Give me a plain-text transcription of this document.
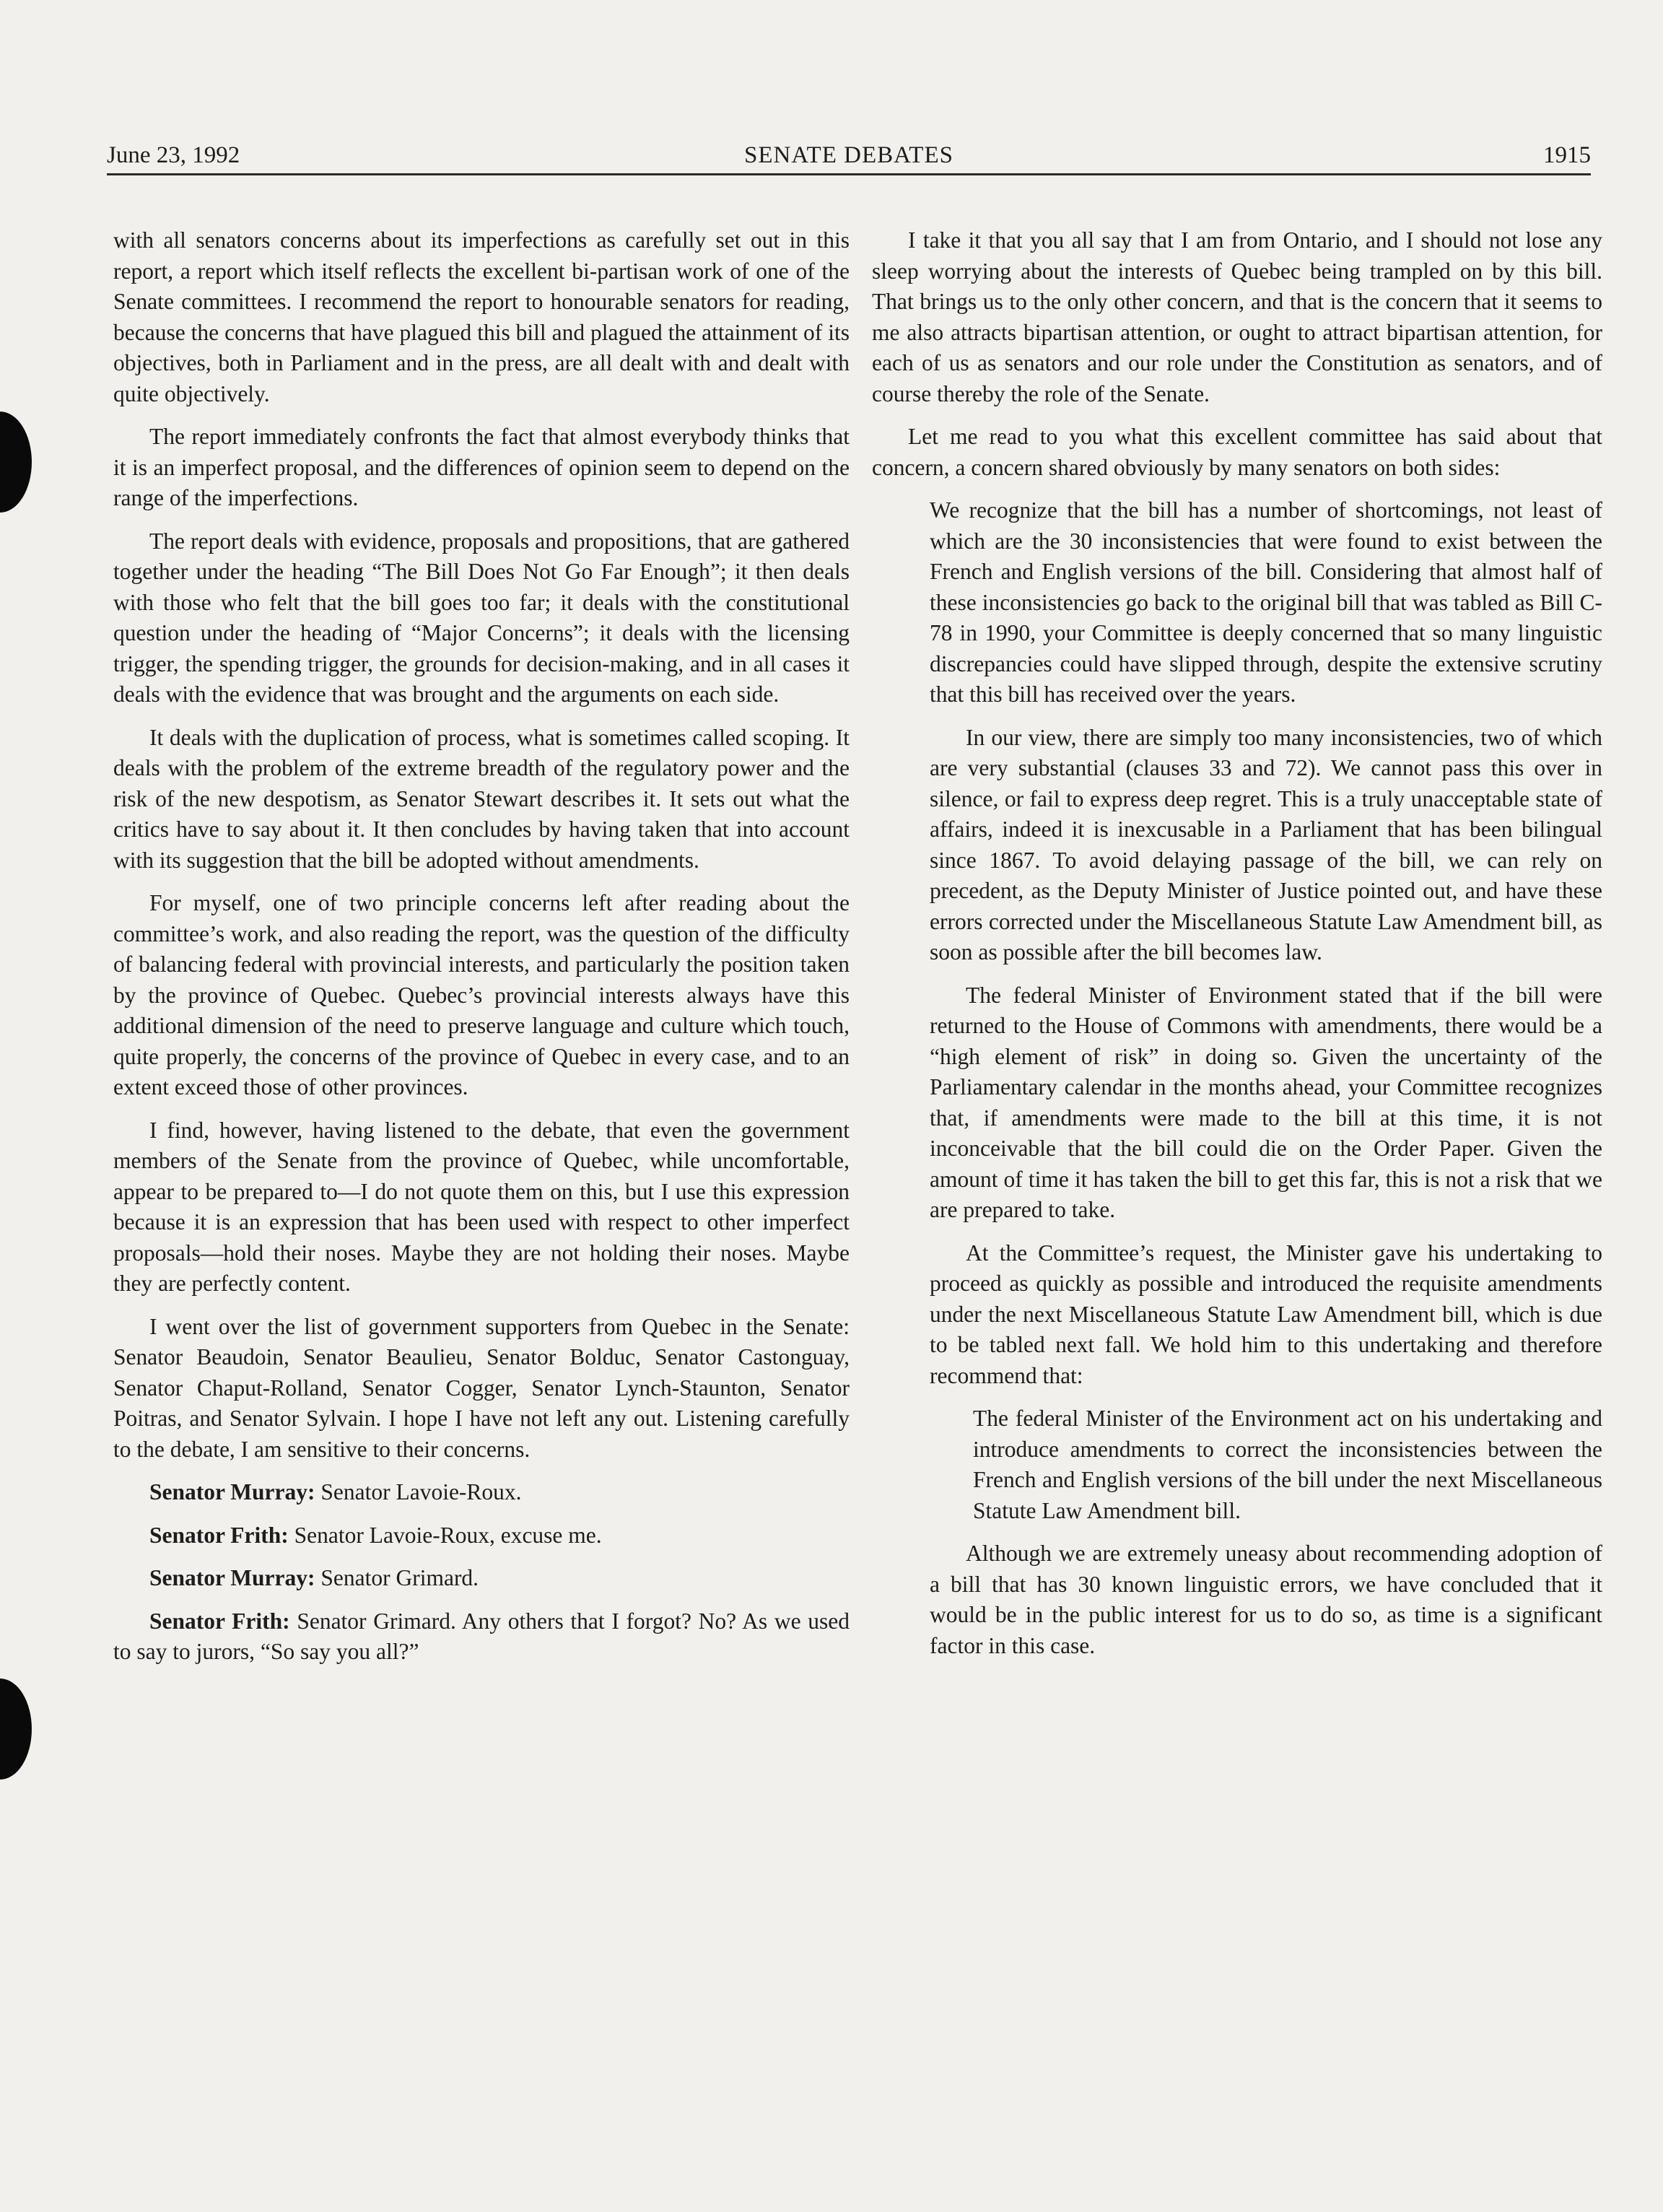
June 23, 1992	SENATE DEBATES	1915

with all senators concerns about its imperfections as carefully set out in this report, a report which itself reflects the excellent bi-partisan work of one of the Senate committees. I recommend the report to honourable senators for reading, because the concerns that have plagued this bill and plagued the attainment of its objectives, both in Parliament and in the press, are all dealt with and dealt with quite objectively.

The report immediately confronts the fact that almost everybody thinks that it is an imperfect proposal, and the differences of opinion seem to depend on the range of the imperfections.

The report deals with evidence, proposals and propositions, that are gathered together under the heading “The Bill Does Not Go Far Enough”; it then deals with those who felt that the bill goes too far; it deals with the constitutional question under the heading of “Major Concerns”; it deals with the licensing trigger, the spending trigger, the grounds for decision-making, and in all cases it deals with the evidence that was brought and the arguments on each side.

It deals with the duplication of process, what is sometimes called scoping. It deals with the problem of the extreme breadth of the regulatory power and the risk of the new despotism, as Senator Stewart describes it. It sets out what the critics have to say about it. It then concludes by having taken that into account with its suggestion that the bill be adopted without amendments.

For myself, one of two principle concerns left after reading about the committee’s work, and also reading the report, was the question of the difficulty of balancing federal with provincial interests, and particularly the position taken by the province of Quebec. Quebec’s provincial interests always have this additional dimension of the need to preserve language and culture which touch, quite properly, the concerns of the province of Quebec in every case, and to an extent exceed those of other provinces.

I find, however, having listened to the debate, that even the government members of the Senate from the province of Quebec, while uncomfortable, appear to be prepared to—I do not quote them on this, but I use this expression because it is an expression that has been used with respect to other imperfect proposals—hold their noses. Maybe they are not holding their noses. Maybe they are perfectly content.

I went over the list of government supporters from Quebec in the Senate: Senator Beaudoin, Senator Beaulieu, Senator Bolduc, Senator Castonguay, Senator Chaput-Rolland, Senator Cogger, Senator Lynch-Staunton, Senator Poitras, and Senator Sylvain. I hope I have not left any out. Listening carefully to the debate, I am sensitive to their concerns.

Senator Murray: Senator Lavoie-Roux.

Senator Frith: Senator Lavoie-Roux, excuse me.

Senator Murray: Senator Grimard.

Senator Frith: Senator Grimard. Any others that I forgot? No? As we used to say to jurors, “So say you all?”

I take it that you all say that I am from Ontario, and I should not lose any sleep worrying about the interests of Quebec being trampled on by this bill. That brings us to the only other concern, and that is the concern that it seems to me also attracts bipartisan attention, or ought to attract bipartisan attention, for each of us as senators and our role under the Constitution as senators, and of course thereby the role of the Senate.

Let me read to you what this excellent committee has said about that concern, a concern shared obviously by many senators on both sides:

We recognize that the bill has a number of shortcomings, not least of which are the 30 inconsistencies that were found to exist between the French and English versions of the bill. Considering that almost half of these inconsistencies go back to the original bill that was tabled as Bill C-78 in 1990, your Committee is deeply concerned that so many linguistic discrepancies could have slipped through, despite the extensive scrutiny that this bill has received over the years.

In our view, there are simply too many inconsistencies, two of which are very substantial (clauses 33 and 72). We cannot pass this over in silence, or fail to express deep regret. This is a truly unacceptable state of affairs, indeed it is inexcusable in a Parliament that has been bilingual since 1867. To avoid delaying passage of the bill, we can rely on precedent, as the Deputy Minister of Justice pointed out, and have these errors corrected under the Miscellaneous Statute Law Amendment bill, as soon as possible after the bill becomes law.

The federal Minister of Environment stated that if the bill were returned to the House of Commons with amendments, there would be a “high element of risk” in doing so. Given the uncertainty of the Parliamentary calendar in the months ahead, your Committee recognizes that, if amendments were made to the bill at this time, it is not inconceivable that the bill could die on the Order Paper. Given the amount of time it has taken the bill to get this far, this is not a risk that we are prepared to take.

At the Committee’s request, the Minister gave his undertaking to proceed as quickly as possible and introduced the requisite amendments under the next Miscellaneous Statute Law Amendment bill, which is due to be tabled next fall. We hold him to this undertaking and therefore recommend that:

The federal Minister of the Environment act on his undertaking and introduce amendments to correct the inconsistencies between the French and English versions of the bill under the next Miscellaneous Statute Law Amendment bill.

Although we are extremely uneasy about recommending adoption of a bill that has 30 known linguistic errors, we have concluded that it would be in the public interest for us to do so, as time is a significant factor in this case.
